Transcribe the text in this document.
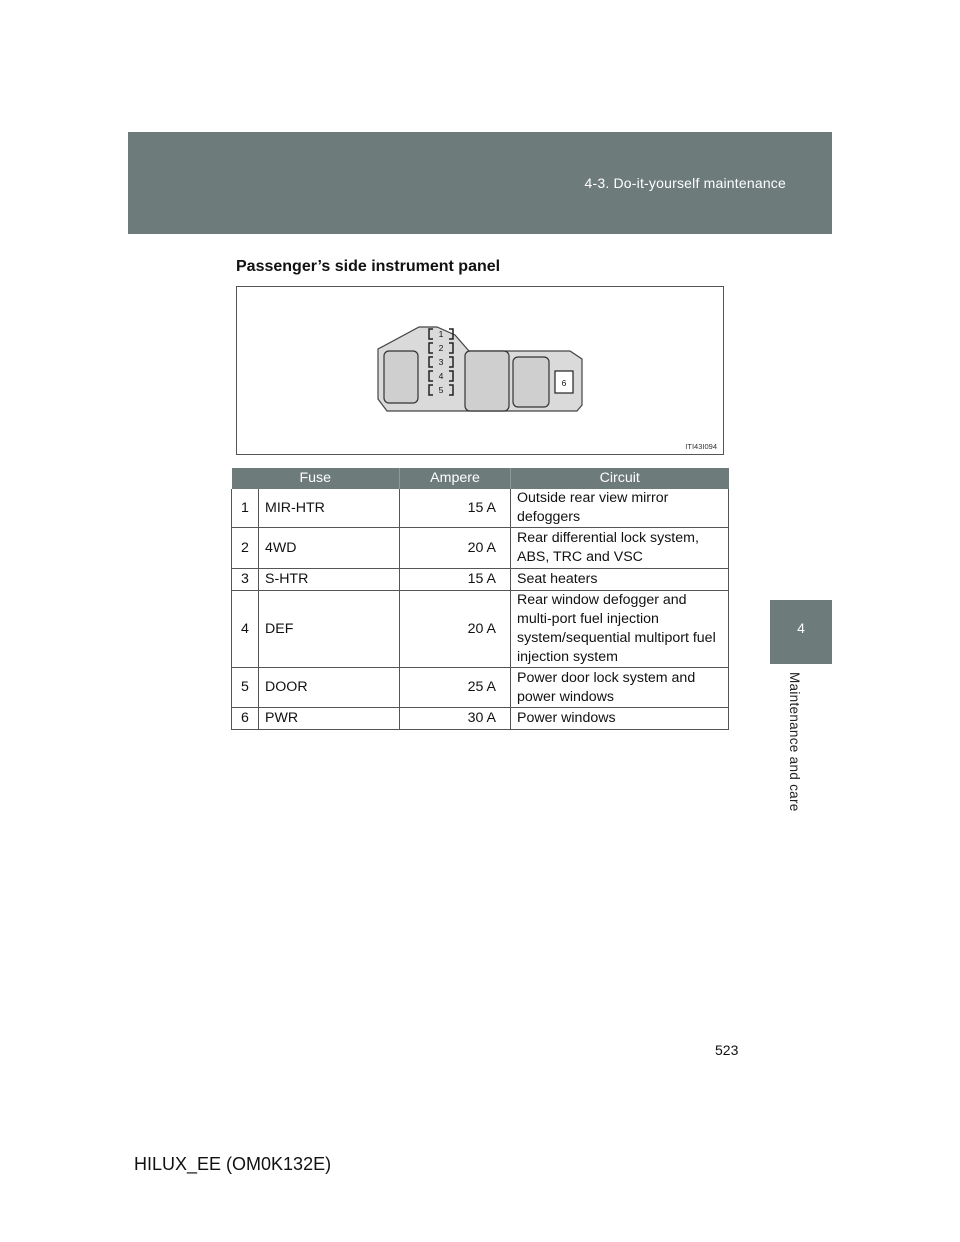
4-3. Do-it-yourself maintenance
4
Maintenance and care
Passenger’s side instrument panel
1
2
3
4
5
6
ITI43I094
Fuse		Ampere	Circuit
1	MIR-HTR	15 A	Outside rear view mirror defoggers
2	4WD	20 A	Rear differential lock system, ABS, TRC and VSC
3	S-HTR	15 A	Seat heaters
4	DEF	20 A	Rear window defogger and multi-port fuel injection system/sequential multiport fuel injection system
5	DOOR	25 A	Power door lock system and power windows
6	PWR	30 A	Power windows
523
HILUX_EE (OM0K132E)
